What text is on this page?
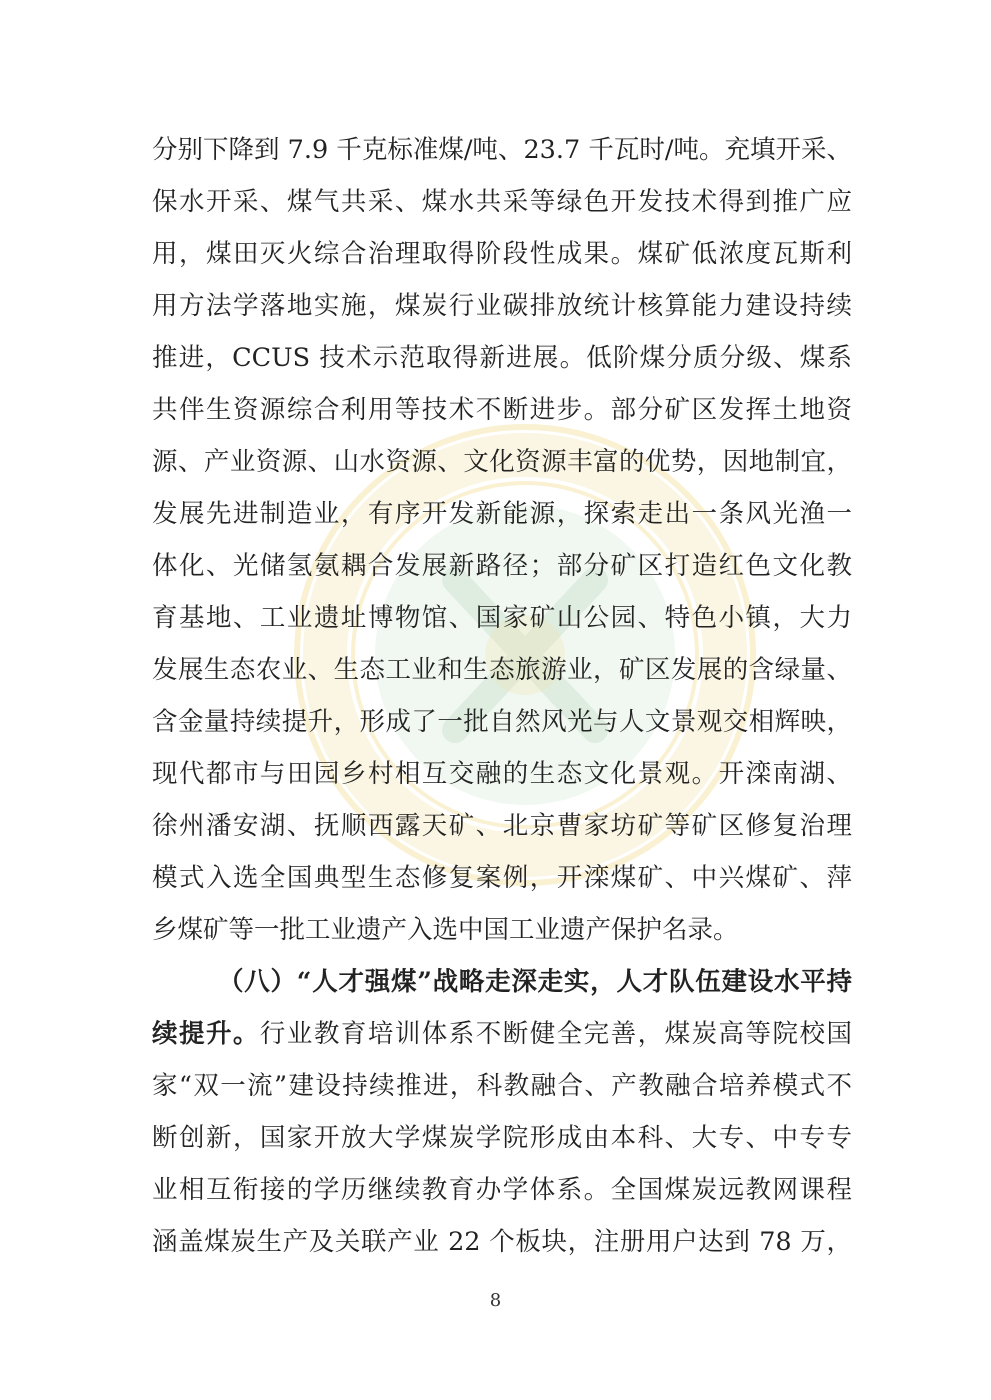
分别下降到 7.9 千克标准煤/吨、23.7 千瓦时/吨。充填开采、
保水开采、煤气共采、煤水共采等绿色开发技术得到推广应
用，煤田灭火综合治理取得阶段性成果。煤矿低浓度瓦斯利
用方法学落地实施，煤炭行业碳排放统计核算能力建设持续
推进，CCUS 技术示范取得新进展。低阶煤分质分级、煤系
共伴生资源综合利用等技术不断进步。部分矿区发挥土地资
源、产业资源、山水资源、文化资源丰富的优势，因地制宜，
发展先进制造业，有序开发新能源，探索走出一条风光渔一
体化、光储氢氨耦合发展新路径；部分矿区打造红色文化教
育基地、工业遗址博物馆、国家矿山公园、特色小镇，大力
发展生态农业、生态工业和生态旅游业，矿区发展的含绿量、
含金量持续提升，形成了一批自然风光与人文景观交相辉映，
现代都市与田园乡村相互交融的生态文化景观。开滦南湖、
徐州潘安湖、抚顺西露天矿、北京曹家坊矿等矿区修复治理
模式入选全国典型生态修复案例，开滦煤矿、中兴煤矿、萍
乡煤矿等一批工业遗产入选中国工业遗产保护名录。
（八）“人才强煤”战略走深走实，人才队伍建设水平持
续提升。行业教育培训体系不断健全完善，煤炭高等院校国
家“双一流”建设持续推进，科教融合、产教融合培养模式不
断创新，国家开放大学煤炭学院形成由本科、大专、中专专
业相互衔接的学历继续教育办学体系。全国煤炭远教网课程
涵盖煤炭生产及关联产业 22 个板块，注册用户达到 78 万，
8
